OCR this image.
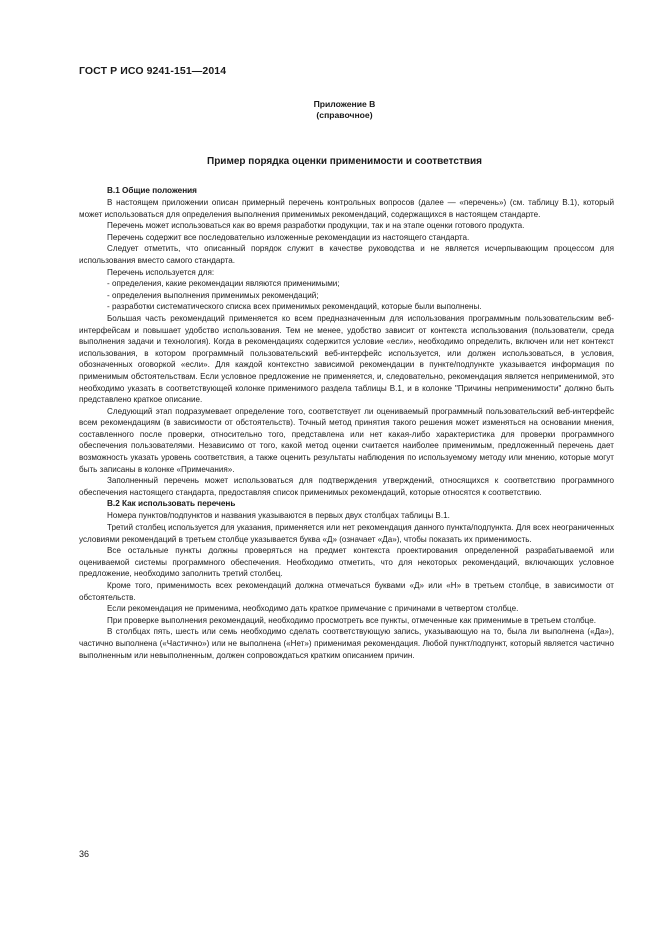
ГОСТ Р ИСО 9241-151—2014
Приложение В
(справочное)
Пример порядка оценки применимости и соответствия
В.1 Общие положения

В настоящем приложении описан примерный перечень контрольных вопросов (далее — «перечень») (см. таблицу В.1), который может использоваться для определения выполнения применимых рекомендаций, содержащихся в настоящем стандарте.

Перечень может использоваться как во время разработки продукции, так и на этапе оценки готового продукта.

Перечень содержит все последовательно изложенные рекомендации из настоящего стандарта.

Следует отметить, что описанный порядок служит в качестве руководства и не является исчерпывающим процессом для использования вместо самого стандарта.

Перечень используется для:

- определения, какие рекомендации являются применимыми;

- определения выполнения применимых рекомендаций;

- разработки систематического списка всех применимых рекомендаций, которые были выполнены.

Большая часть рекомендаций применяется ко всем предназначенным для использования программным пользовательским веб-интерфейсам и повышает удобство использования. Тем не менее, удобство зависит от контекста использования (пользователи, среда выполнения задачи и технология). Когда в рекомендациях содержится условие «если», необходимо определить, включен или нет контекст использования, в котором программный пользовательский веб-интерфейс используется, или должен использоваться, в условия, обозначенных оговоркой «если». Для каждой контекстно зависимой рекомендации в пункте/подпункте указывается информация по применимым обстоятельствам. Если условное предложение не применяется, и, следовательно, рекомендация является неприменимой, это необходимо указать в соответствующей колонке применимого раздела таблицы В.1, и в колонке "Причины неприменимости" должно быть представлено краткое описание.

Следующий этап подразумевает определение того, соответствует ли оцениваемый программный пользовательский веб-интерфейс всем рекомендациям (в зависимости от обстоятельств). Точный метод принятия такого решения может изменяться на основании мнения, составленного после проверки, относительно того, представлена или нет какая-либо характеристика для проверки программного обеспечения пользователями. Независимо от того, какой метод оценки считается наиболее применимым, предложенный перечень дает возможность указать уровень соответствия, а также оценить результаты наблюдения по используемому методу или мнению, которые могут быть записаны в колонке «Примечания».

Заполненный перечень может использоваться для подтверждения утверждений, относящихся к соответствию программного обеспечения настоящего стандарта, предоставляя список применимых рекомендаций, которые относятся к соответствию.

В.2 Как использовать перечень

Номера пунктов/подпунктов и названия указываются в первых двух столбцах таблицы В.1.

Третий столбец используется для указания, применяется или нет рекомендация данного пункта/подпункта. Для всех неограниченных условиями рекомендаций в третьем столбце указывается буква «Д» (означает «Да»), чтобы показать их применимость.

Все остальные пункты должны проверяться на предмет контекста проектирования определенной разрабатываемой или оцениваемой системы программного обеспечения. Необходимо отметить, что для некоторых рекомендаций, включающих условное предложение, необходимо заполнить третий столбец.

Кроме того, применимость всех рекомендаций должна отмечаться буквами «Д» или «Н» в третьем столбце, в зависимости от обстоятельств.

Если рекомендация не применима, необходимо дать краткое примечание с причинами в четвертом столбце.

При проверке выполнения рекомендаций, необходимо просмотреть все пункты, отмеченные как применимые в третьем столбце.

В столбцах пять, шесть или семь необходимо сделать соответствующую запись, указывающую на то, была ли выполнена («Да»), частично выполнена («Частично») или не выполнена («Нет») применимая рекомендация. Любой пункт/подпункт, который является частично выполненным или невыполненным, должен сопровождаться кратким описанием причин.

36
